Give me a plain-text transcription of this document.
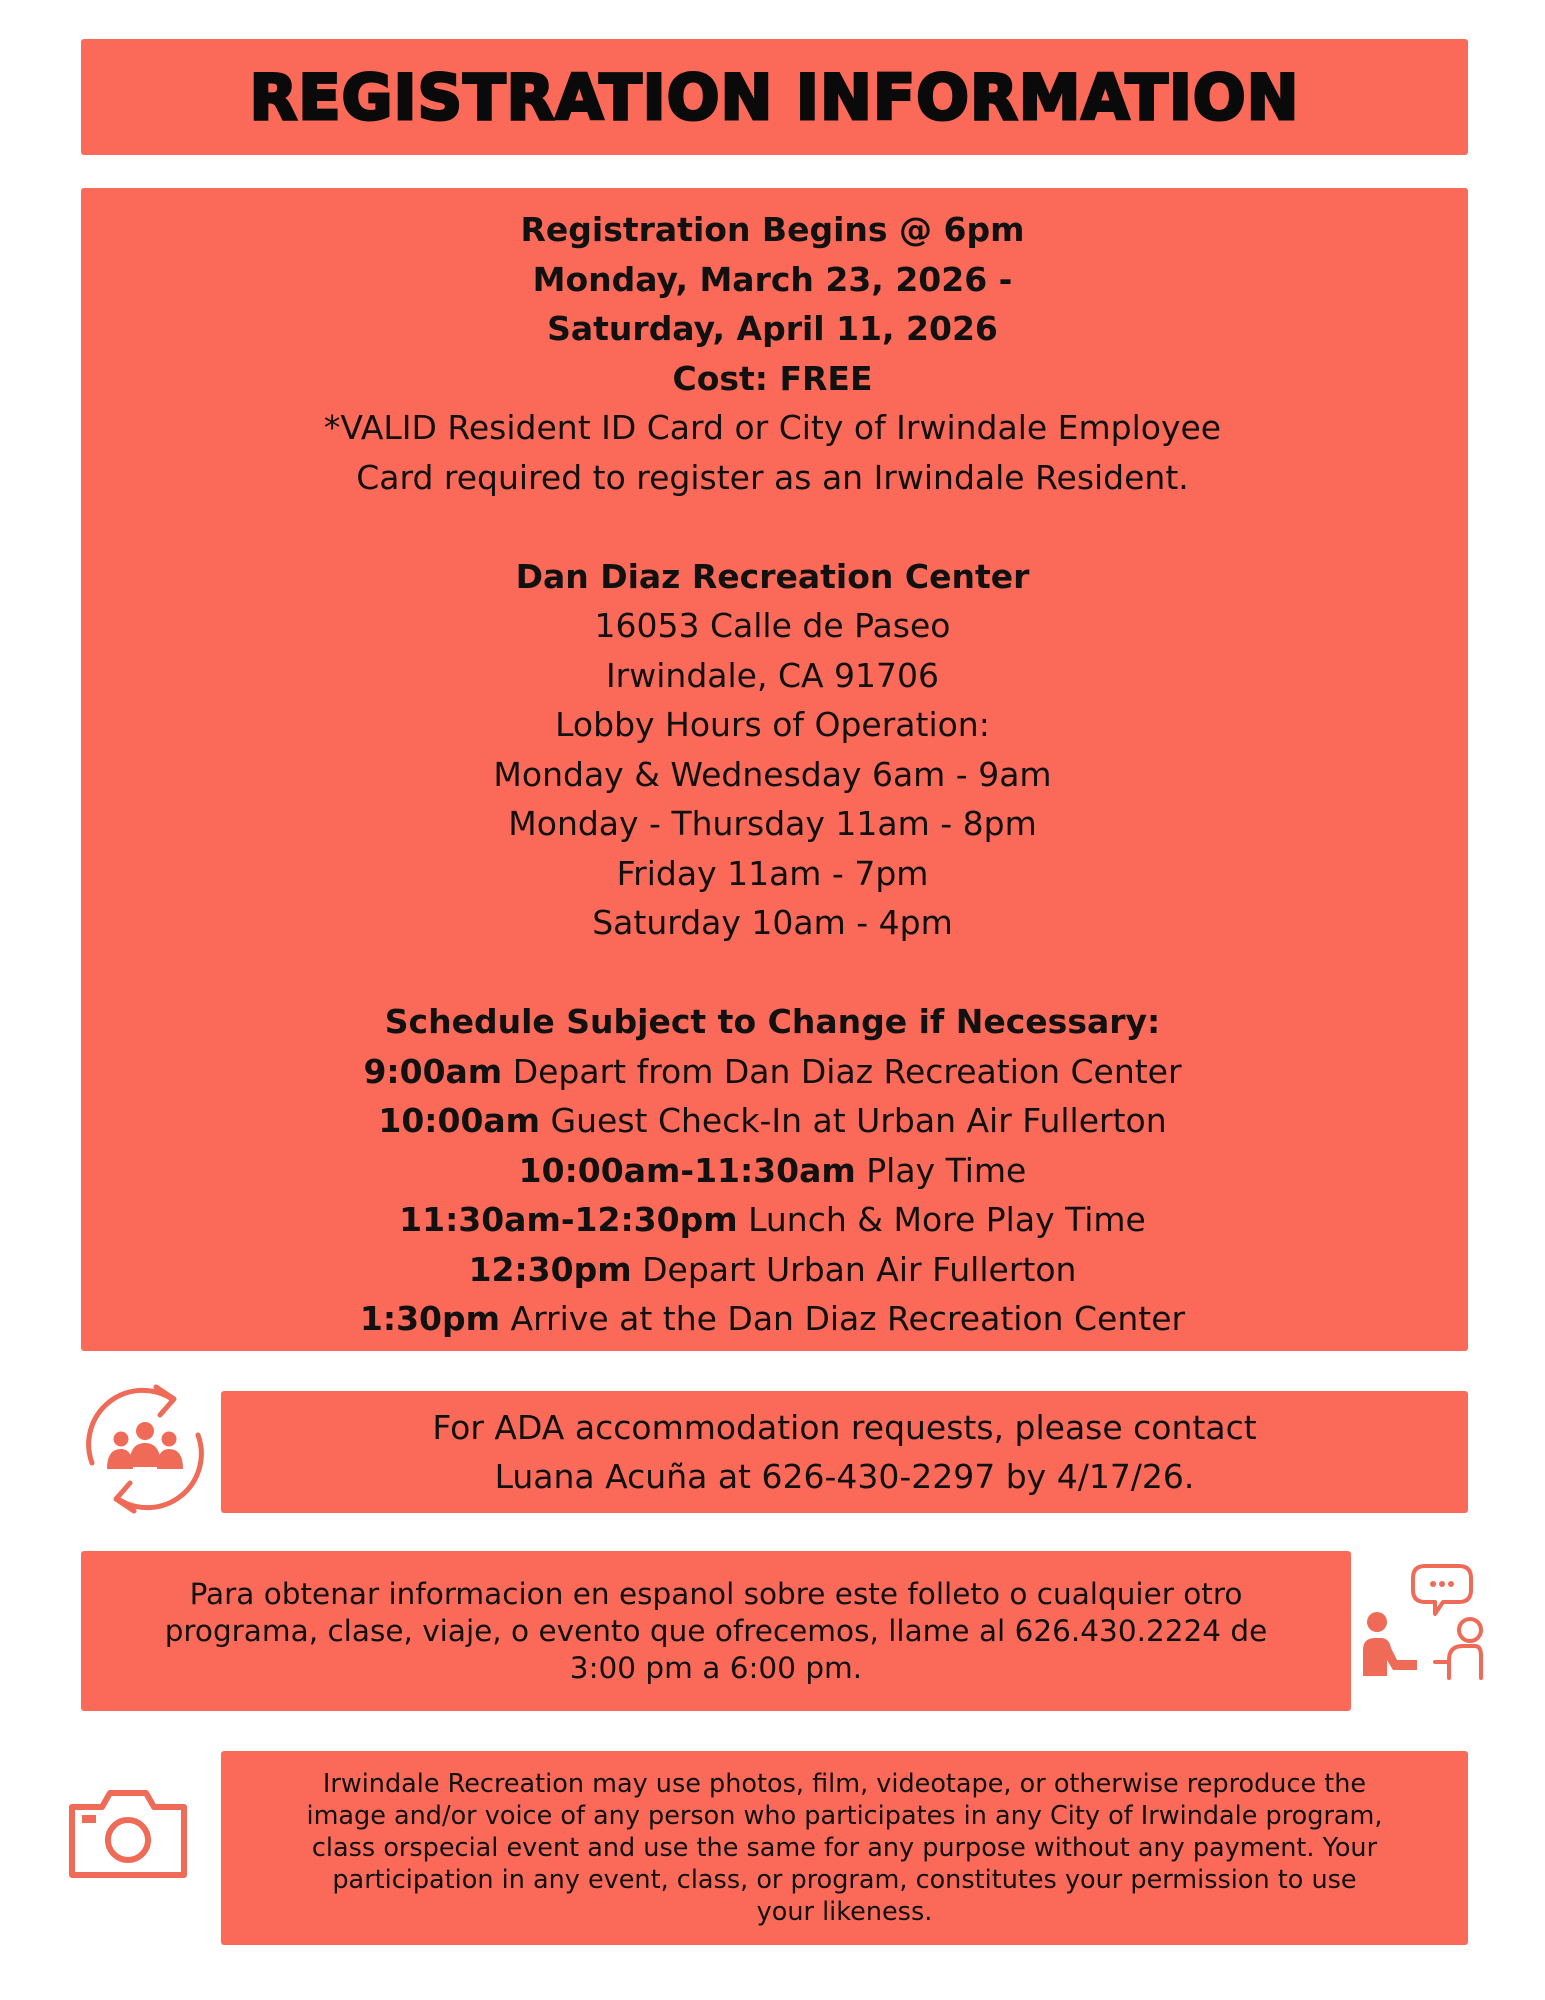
REGISTRATION INFORMATION
Registration Begins @ 6pm
Monday, March 23, 2026 -
Saturday, April 11, 2026
Cost: FREE
*VALID Resident ID Card or City of Irwindale Employee
Card required to register as an Irwindale Resident.
Dan Diaz Recreation Center
16053 Calle de Paseo
Irwindale, CA 91706
Lobby Hours of Operation:
Monday & Wednesday 6am - 9am
Monday - Thursday 11am - 8pm
Friday 11am - 7pm
Saturday 10am - 4pm
Schedule Subject to Change if Necessary:
9:00am Depart from Dan Diaz Recreation Center
10:00am Guest Check-In at Urban Air Fullerton
10:00am-11:30am Play Time
11:30am-12:30pm Lunch & More Play Time
12:30pm Depart Urban Air Fullerton
1:30pm Arrive at the Dan Diaz Recreation Center
For ADA accommodation requests, please contact
Luana Acuña at 626-430-2297 by 4/17/26.
Para obtenar informacion en espanol sobre este folleto o cualquier otro
programa, clase, viaje, o evento que ofrecemos, llame al 626.430.2224 de
3:00 pm a 6:00 pm.
Irwindale Recreation may use photos, film, videotape, or otherwise reproduce the
image and/or voice of any person who participates in any City of Irwindale program,
class orspecial event and use the same for any purpose without any payment. Your
participation in any event, class, or program, constitutes your permission to use
your likeness.
